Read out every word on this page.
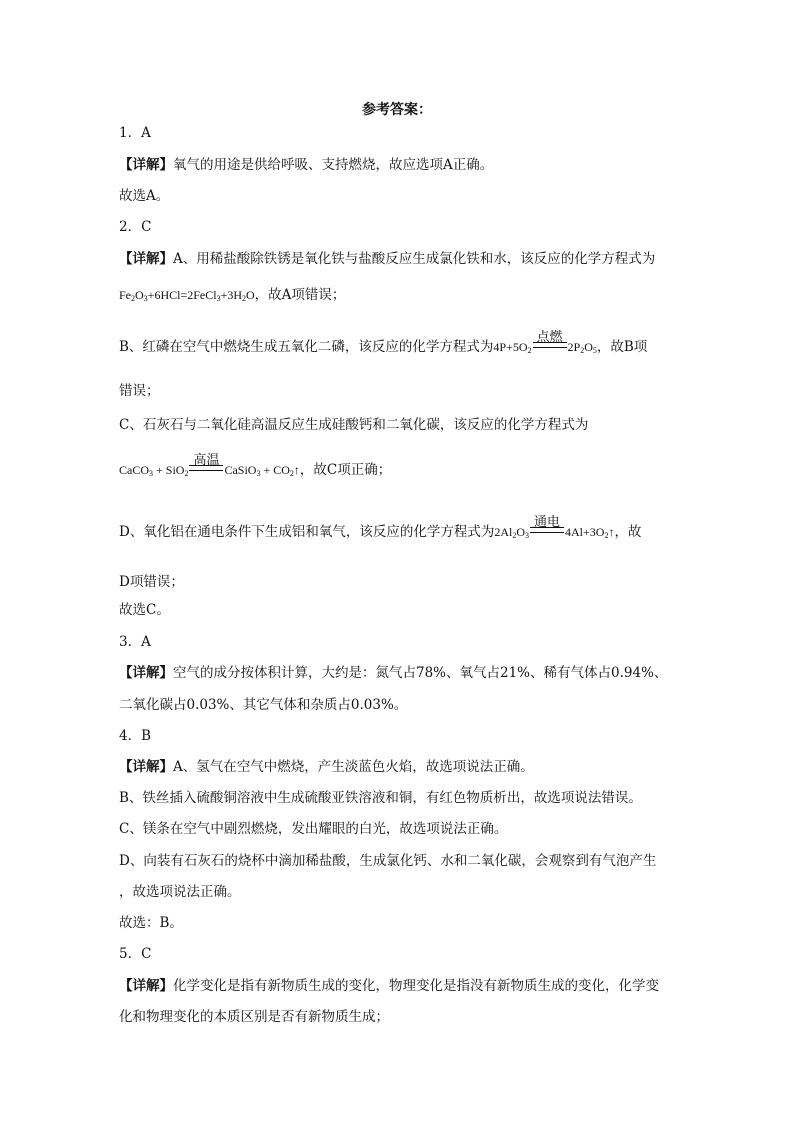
参考答案：
1．A
【详解】氧气的用途是供给呼吸、支持燃烧，故应选项A正确。
故选A。
2．C
【详解】A、用稀盐酸除铁锈是氧化铁与盐酸反应生成氯化铁和水，该反应的化学方程式为
$Fe_2O_3+6HCl=2FeCl_3+3H_2O$，故A项错误；
B、红磷在空气中燃烧生成五氧化二磷，该反应的化学方程式为$4P+5O_2$
点燃
$2P_2O_5$，故B项
错误；
C、石灰石与二氧化硅高温反应生成硅酸钙和二氧化碳，该反应的化学方程式为
CaCO$_3$ + SiO$_2$
高温
CaSiO$_3$ + $CO_2↑$，故C项正确；
D、氧化铝在通电条件下生成铝和氧气，该反应的化学方程式为$2Al_2O_3$
通电
$4Al+3O_2↑$，故
D项错误；
故选C。
3．A
【详解】空气的成分按体积计算，大约是：氮气占78%、氧气占21%、稀有气体占0.94%、
二氧化碳占0.03%、其它气体和杂质占0.03%。
4．B
【详解】A、氢气在空气中燃烧，产生淡蓝色火焰，故选项说法正确。
B、铁丝插入硫酸铜溶液中生成硫酸亚铁溶液和铜，有红色物质析出，故选项说法错误。
C、镁条在空气中剧烈燃烧，发出耀眼的白光，故选项说法正确。
D、向装有石灰石的烧杯中滴加稀盐酸，生成氯化钙、水和二氧化碳，会观察到有气泡产生
，故选项说法正确。
故选：B。
5．C
【详解】化学变化是指有新物质生成的变化，物理变化是指没有新物质生成的变化，化学变
化和物理变化的本质区别是否有新物质生成；
